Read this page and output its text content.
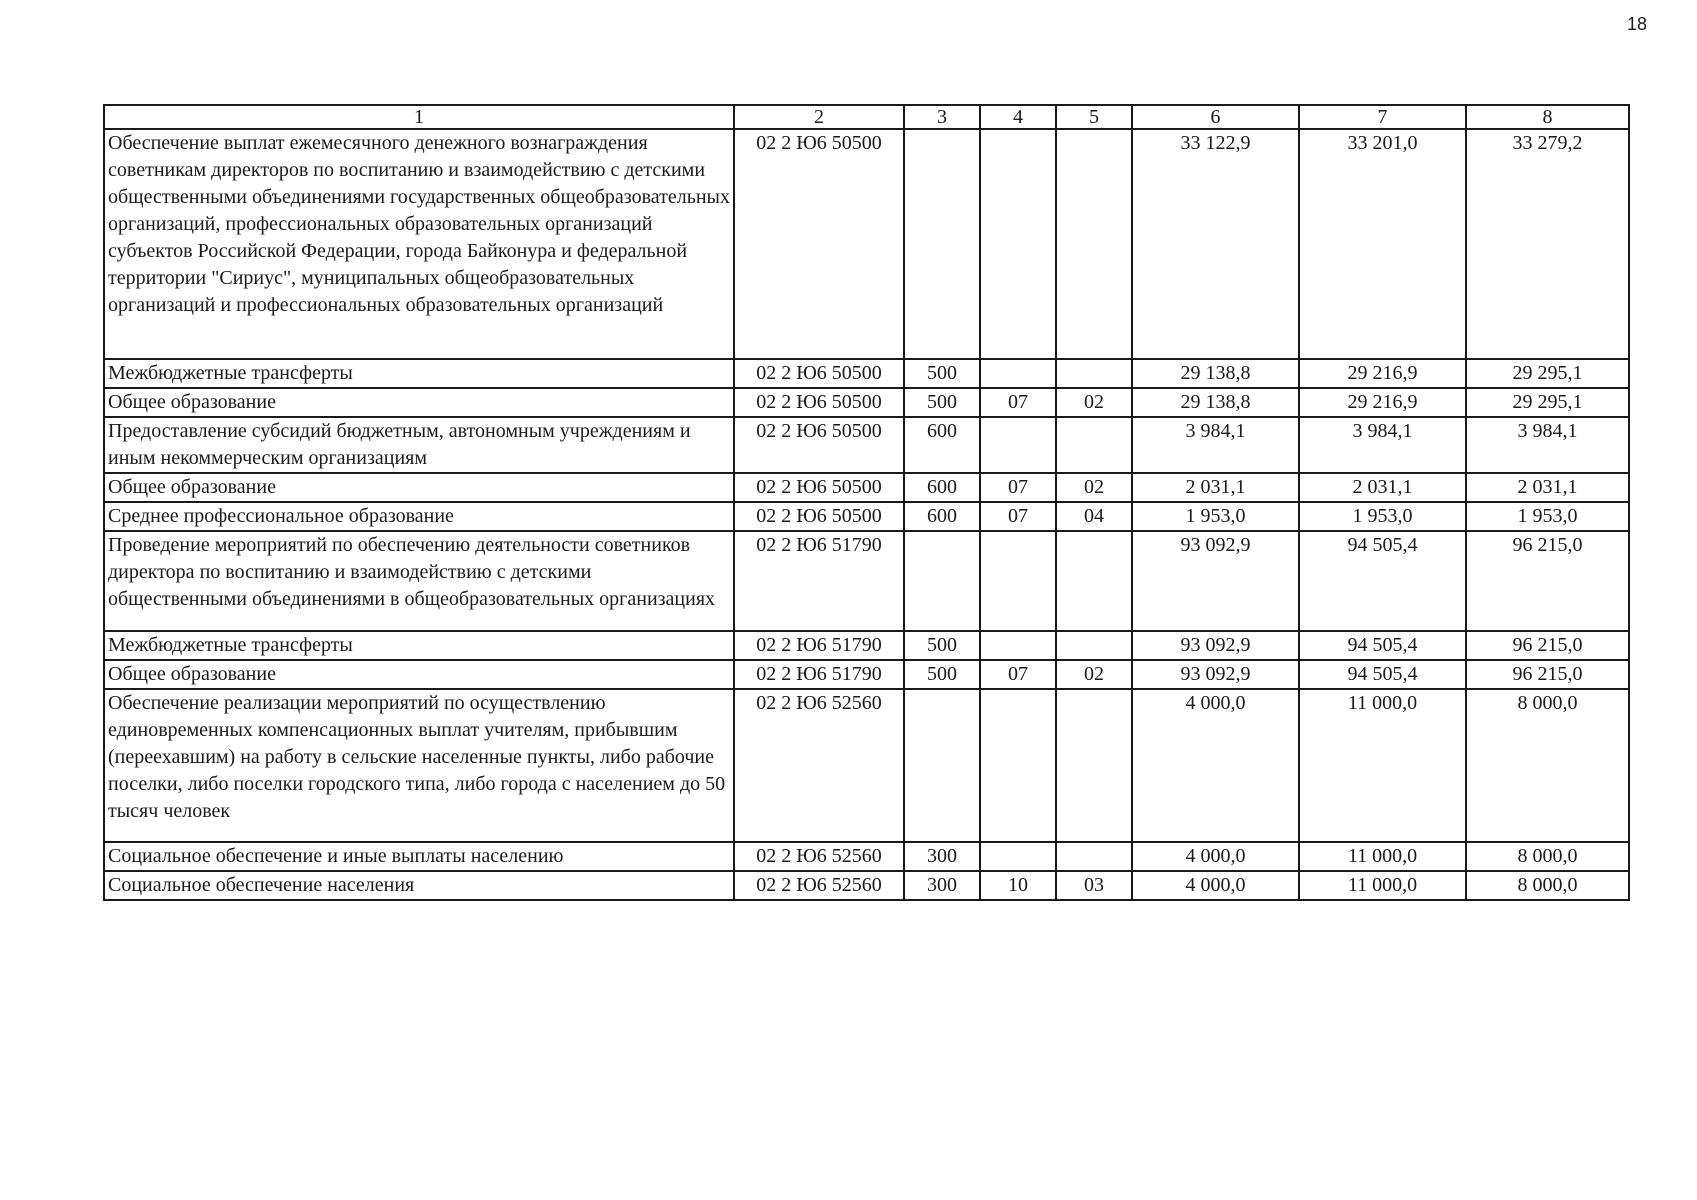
18
1	2	3	4	5	6	7	8
Обеспечение выплат ежемесячного денежного вознаграждения советникам директоров по воспитанию и взаимодействию с детскими общественными объединениями государственных общеобразовательных организаций, профессиональных образовательных организаций субъектов Российской Федерации, города Байконура и федеральной территории "Сириус", муниципальных общеобразовательных организаций и профессиональных образовательных организаций	02 2 Ю6 50500				33 122,9	33 201,0	33 279,2
Межбюджетные трансферты	02 2 Ю6 50500	500			29 138,8	29 216,9	29 295,1
Общее образование	02 2 Ю6 50500	500	07	02	29 138,8	29 216,9	29 295,1
Предоставление субсидий бюджетным, автономным учреждениям и иным некоммерческим организациям	02 2 Ю6 50500	600			3 984,1	3 984,1	3 984,1
Общее образование	02 2 Ю6 50500	600	07	02	2 031,1	2 031,1	2 031,1
Среднее профессиональное образование	02 2 Ю6 50500	600	07	04	1 953,0	1 953,0	1 953,0
Проведение мероприятий по обеспечению деятельности советников директора по воспитанию и взаимодействию с детскими общественными объединениями в общеобразовательных организациях	02 2 Ю6 51790				93 092,9	94 505,4	96 215,0
Межбюджетные трансферты	02 2 Ю6 51790	500			93 092,9	94 505,4	96 215,0
Общее образование	02 2 Ю6 51790	500	07	02	93 092,9	94 505,4	96 215,0
Обеспечение реализации мероприятий по осуществлению единовременных компенсационных выплат учителям, прибывшим (переехавшим) на работу в сельские населенные пункты, либо рабочие поселки, либо поселки городского типа, либо города с населением до 50 тысяч человек	02 2 Ю6 52560				4 000,0	11 000,0	8 000,0
Социальное обеспечение и иные выплаты населению	02 2 Ю6 52560	300			4 000,0	11 000,0	8 000,0
Социальное обеспечение населения	02 2 Ю6 52560	300	10	03	4 000,0	11 000,0	8 000,0
